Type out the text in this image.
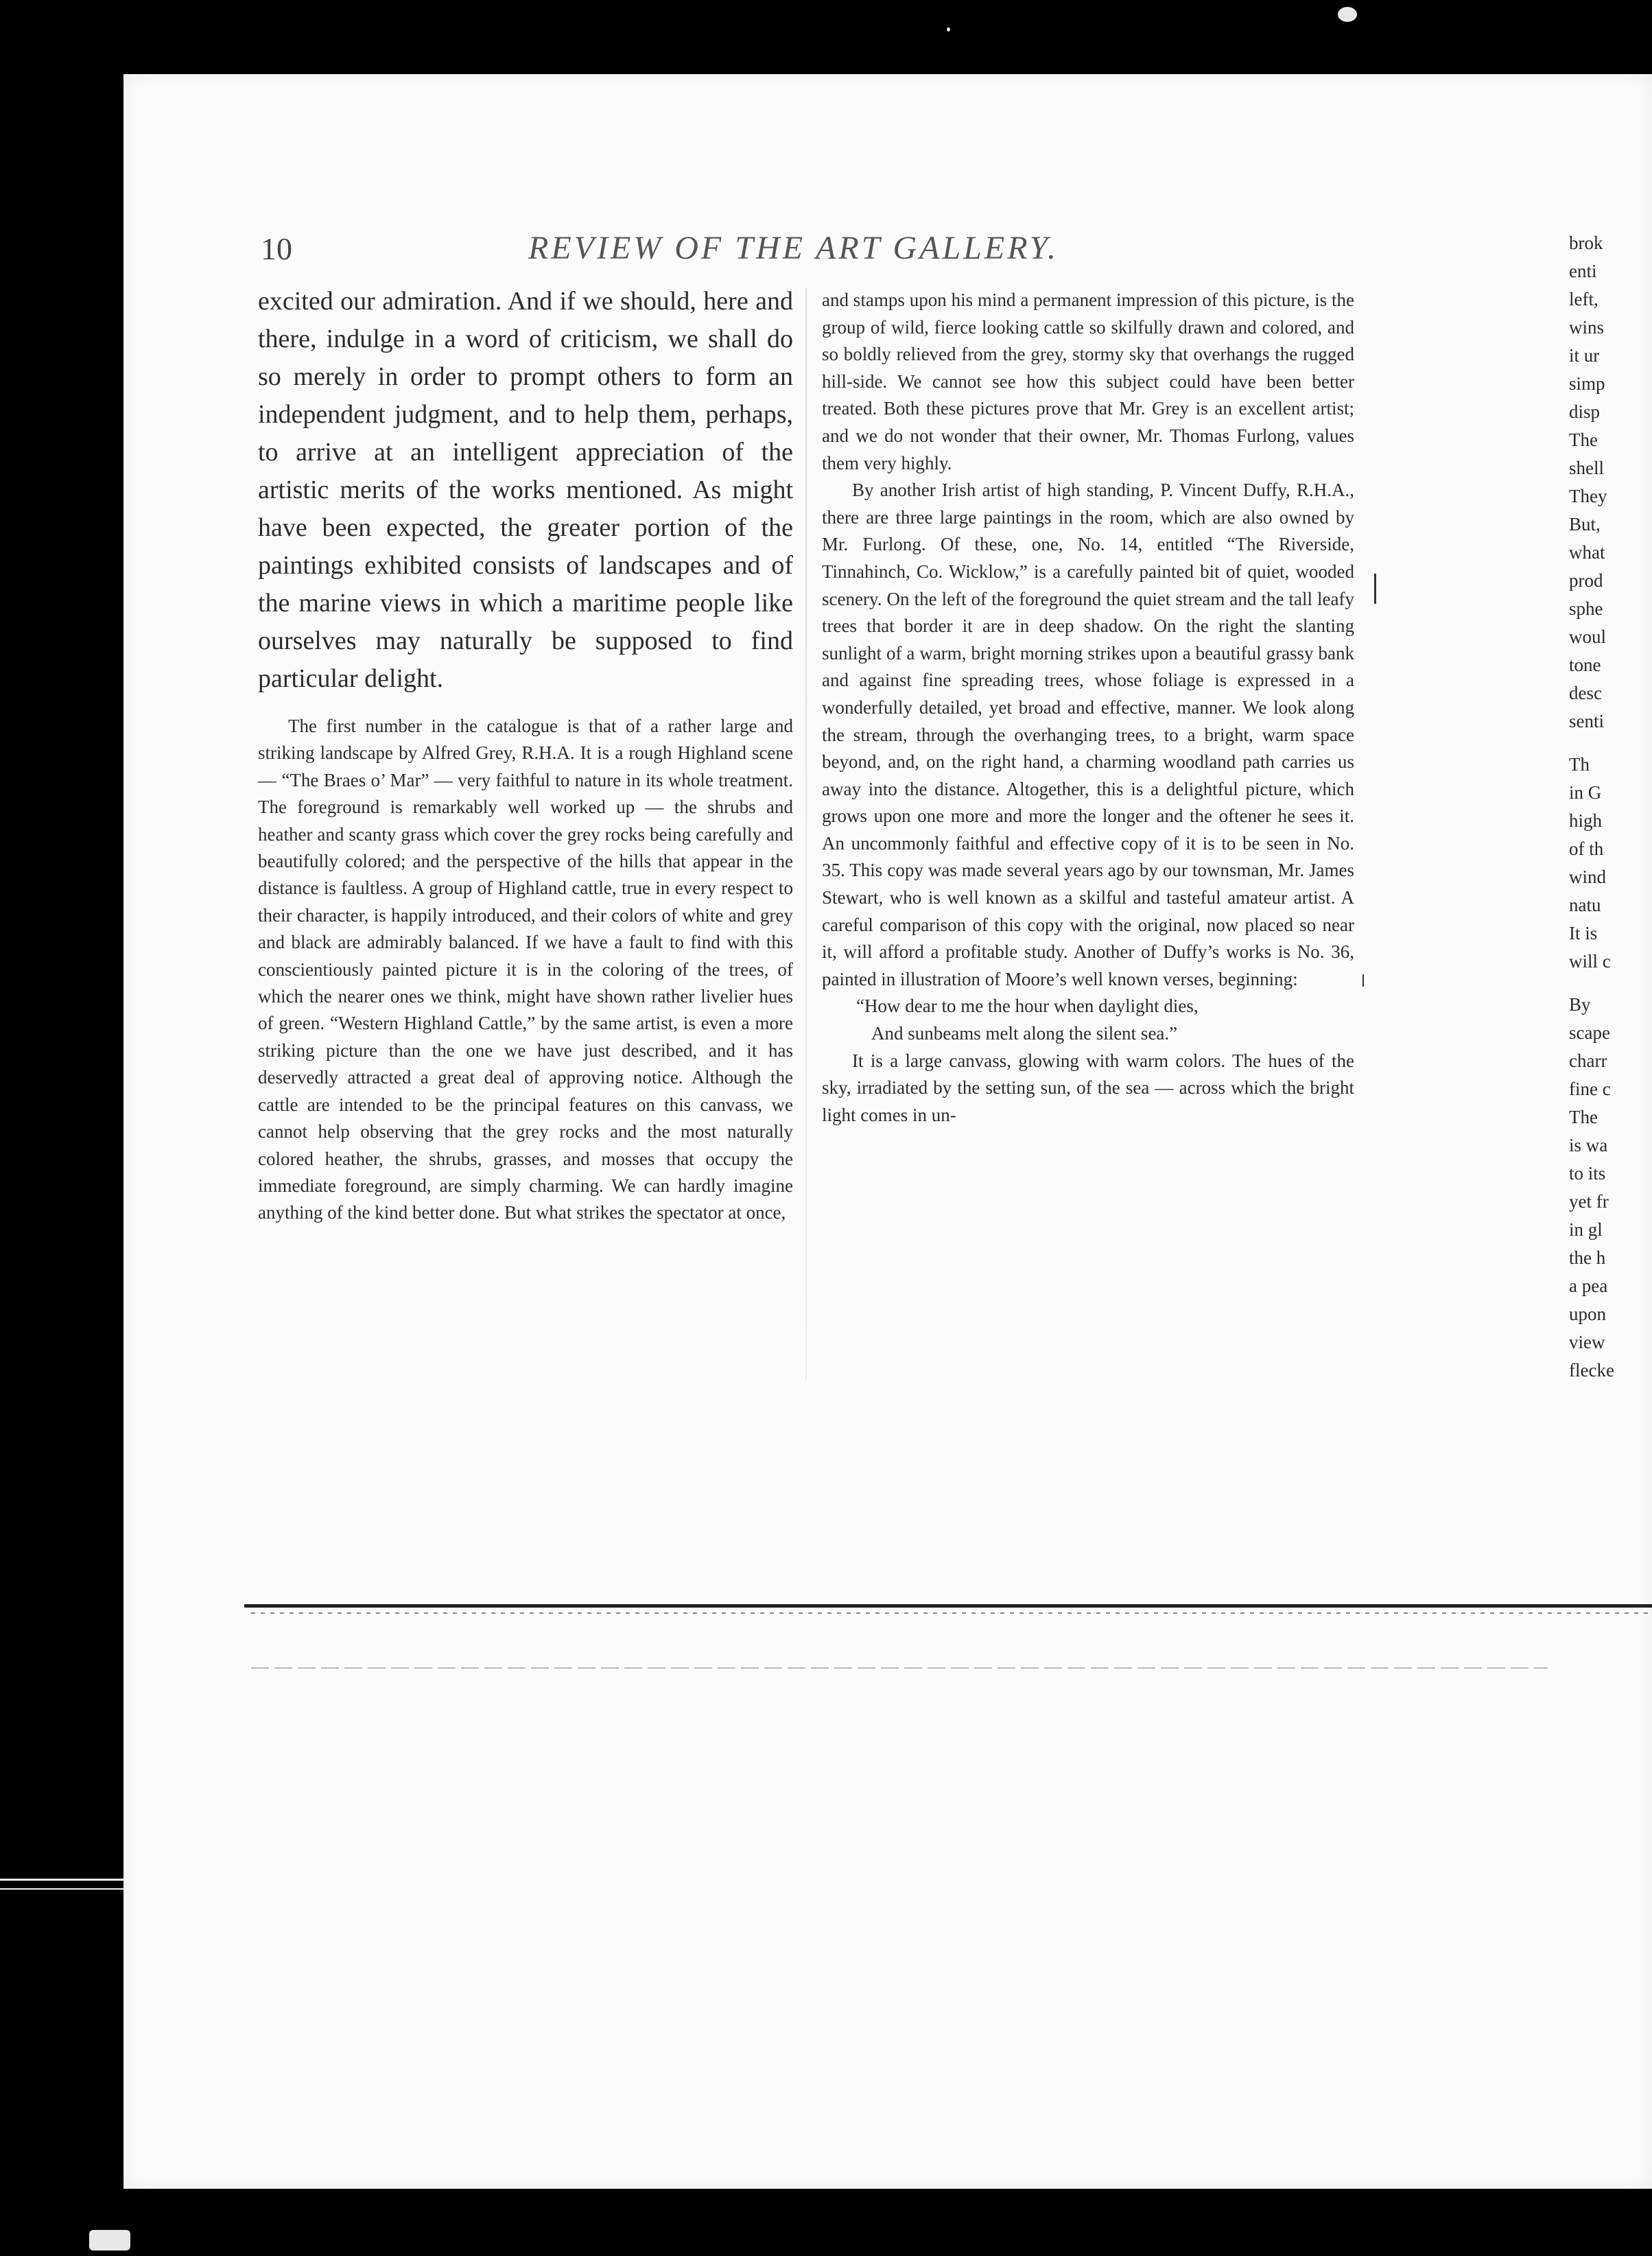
10	REVIEW OF THE ART GALLERY.

excited our admiration. And if we should, here and there, indulge in a word of criticism, we shall do so merely in order to prompt others to form an independent judgment, and to help them, perhaps, to arrive at an intelligent appreciation of the artistic merits of the works mentioned. As might have been expected, the greater portion of the paintings exhibited consists of landscapes and of the marine views in which a maritime people like ourselves may naturally be supposed to find particular delight.

The first number in the catalogue is that of a rather large and striking landscape by Alfred Grey, R.H.A. It is a rough Highland scene — “The Braes o’ Mar” — very faithful to nature in its whole treatment. The foreground is remarkably well worked up — the shrubs and heather and scanty grass which cover the grey rocks being carefully and beautifully colored; and the perspective of the hills that appear in the distance is faultless. A group of Highland cattle, true in every respect to their character, is happily introduced, and their colors of white and grey and black are admirably balanced. If we have a fault to find with this conscientiously painted picture it is in the coloring of the trees, of which the nearer ones we think, might have shown rather livelier hues of green. “Western Highland Cattle,” by the same artist, is even a more striking picture than the one we have just described, and it has deservedly attracted a great deal of approving notice. Although the cattle are intended to be the principal features on this canvass, we cannot help observing that the grey rocks and the most naturally colored heather, the shrubs, grasses, and mosses that occupy the immediate foreground, are simply charming. We can hardly imagine anything of the kind better done. But what strikes the spectator at once,

and stamps upon his mind a permanent impression of this picture, is the group of wild, fierce looking cattle so skilfully drawn and colored, and so boldly relieved from the grey, stormy sky that overhangs the rugged hill-side. We cannot see how this subject could have been better treated. Both these pictures prove that Mr. Grey is an excellent artist; and we do not wonder that their owner, Mr. Thomas Furlong, values them very highly.

By another Irish artist of high standing, P. Vincent Duffy, R.H.A., there are three large paintings in the room, which are also owned by Mr. Furlong. Of these, one, No. 14, entitled “The Riverside, Tinnahinch, Co. Wicklow,” is a carefully painted bit of quiet, wooded scenery. On the left of the foreground the quiet stream and the tall leafy trees that border it are in deep shadow. On the right the slanting sunlight of a warm, bright morning strikes upon a beautiful grassy bank and against fine spreading trees, whose foliage is expressed in a wonderfully detailed, yet broad and effective, manner. We look along the stream, through the overhanging trees, to a bright, warm space beyond, and, on the right hand, a charming woodland path carries us away into the distance. Altogether, this is a delightful picture, which grows upon one more and more the longer and the oftener he sees it. An uncommonly faithful and effective copy of it is to be seen in No. 35. This copy was made several years ago by our townsman, Mr. James Stewart, who is well known as a skilful and tasteful amateur artist. A careful comparison of this copy with the original, now placed so near it, will afford a profitable study. Another of Duffy’s works is No. 36, painted in illustration of Moore’s well known verses, beginning:

“How dear to me the hour when daylight dies,
And sunbeams melt along the silent sea.”

It is a large canvass, glowing with warm colors. The hues of the sky, irradiated by the setting sun, of the sea — across which the bright light comes in un-

brok
enti
left,
wins
it ur
simp
disp
The
shell
They
But,
what
prod
sphe
woul
tone
desc
senti
Th
in G
high
of th
wind
natu
It is
will c
By
scape
charr
fine c
The
is wa
to its
yet fr
in gl
the h
a pea
upon
view
flecke
